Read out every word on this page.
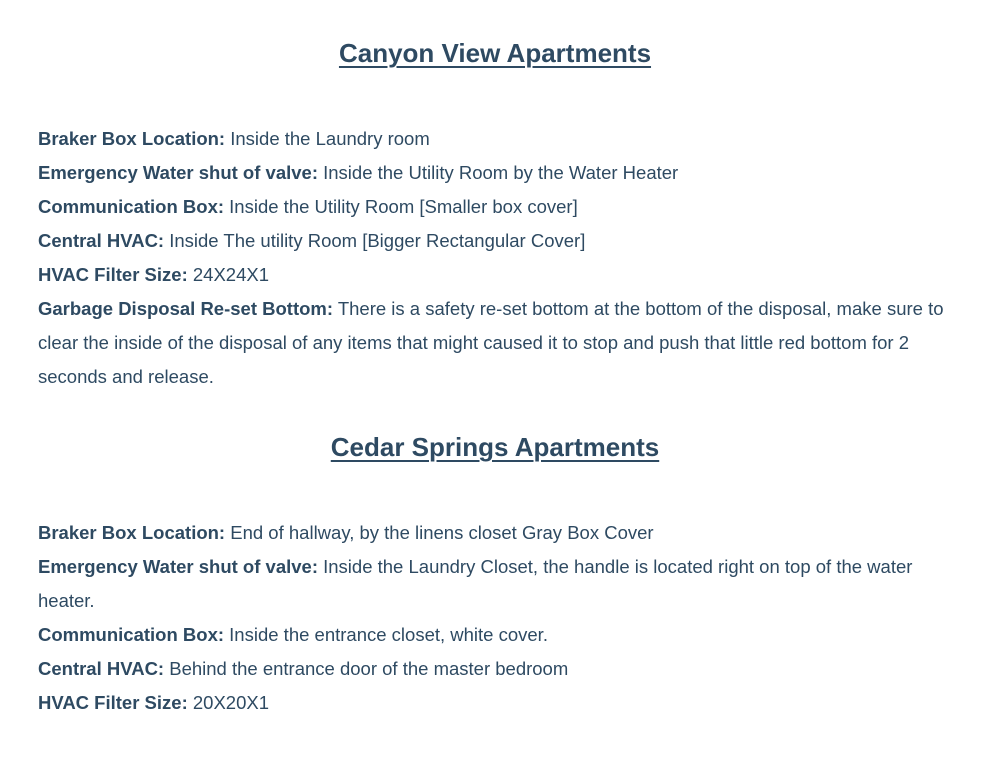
Canyon View Apartments

Braker Box Location: Inside the Laundry room

Emergency Water shut of valve: Inside the Utility Room by the Water Heater

Communication Box: Inside the Utility Room [Smaller box cover]

Central HVAC: Inside The utility Room [Bigger Rectangular Cover]

HVAC Filter Size: 24X24X1

Garbage Disposal Re-set Bottom: There is a safety re-set bottom at the bottom of the disposal, make sure to clear the inside of the disposal of any items that might caused it to stop and push that little red bottom for 2 seconds and release.

Cedar Springs Apartments

Braker Box Location: End of hallway, by the linens closet Gray Box Cover

Emergency Water shut of valve: Inside the Laundry Closet, the handle is located right on top of the water heater.

Communication Box: Inside the entrance closet, white cover.

Central HVAC: Behind the entrance door of the master bedroom

HVAC Filter Size: 20X20X1
